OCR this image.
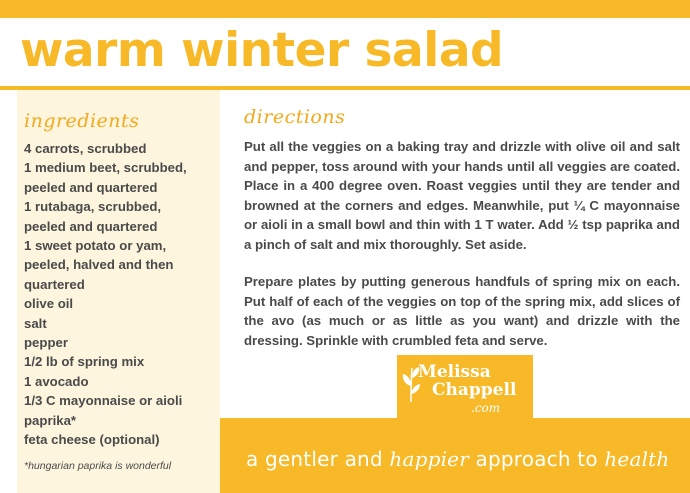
warm winter salad
ingredients
4 carrots, scrubbed
1 medium beet, scrubbed,
peeled and quartered
1 rutabaga, scrubbed,
peeled and quartered
1 sweet potato or yam,
peeled, halved and then
quartered
olive oil
salt
pepper
1/2 lb of spring mix
1 avocado
1/3 C mayonnaise or aioli
paprika*
feta cheese (optional)
*hungarian paprika is wonderful
directions

Put all the veggies on a baking tray and drizzle with olive oil and salt and pepper, toss around with your hands until all veggies are coated. Place in a 400 degree oven. Roast veggies until they are tender and browned at the corners and edges. Meanwhile, put ¼ C mayonnaise or aioli in a small bowl and thin with 1 T water. Add ½ tsp paprika and a pinch of salt and mix thoroughly. Set aside.

Prepare plates by putting generous handfuls of spring mix on each. Put half of each of the veggies on top of the spring mix, add slices of the avo (as much or as little as you want) and drizzle with the dressing. Sprinkle with crumbled feta and serve.

a gentler and happier approach to health
Melissa
Chappell
.com
